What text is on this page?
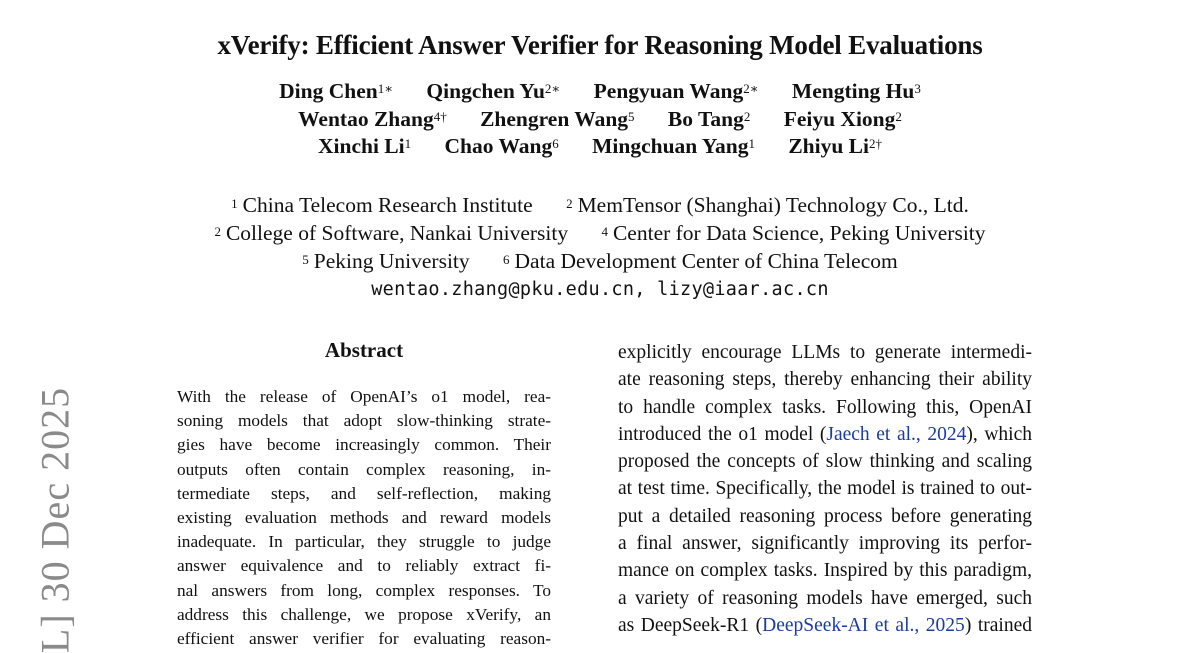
L] 30 Dec 2025
xVerify: Efficient Answer Verifier for Reasoning Model Evaluations
Ding Chen$^{1∗}$ Qingchen $Yu^{2∗}$ Pengyuan Wang$^{2∗}$ Mengting Hu$^3$
Wentao Zhang$^{4\dagger}$ Zhengren Wang$^5$ Bo Tang$^2$ Feiyu Xiong$^2$
Xinchi Li$^1$ Chao Wang$^6$ Mingchuan Yang$^1$ Zhiyu $Li^{2\dagger}$
$^1$ China Telecom Research Institute	$^2$ MemTensor (Shanghai) Technology Co., Ltd.
$^2$ College of Software, Nankai University	$^4$ Center for Data Science, Peking University
$^5$ Peking University	$^6$ Data Development Center of China Telecom
wentao.zhang@pku.edu.cn, lizy@iaar.ac.cn
Abstract
With the release of OpenAI’s o1 model, rea-
soning models that adopt slow-thinking strate-
gies have become increasingly common. Their
outputs often contain complex reasoning, in-
termediate steps, and self-reflection, making
existing evaluation methods and reward models
inadequate. In particular, they struggle to judge
answer equivalence and to reliably extract fi-
nal answers from long, complex responses. To
address this challenge, we propose xVerify, an
efficient answer verifier for evaluating reason-
explicitly encourage LLMs to generate intermedi-
ate reasoning steps, thereby enhancing their ability
to handle complex tasks. Following this, OpenAI
introduced the o1 model (Jaech et al., 2024), which
proposed the concepts of slow thinking and scaling
at test time. Specifically, the model is trained to out-
put a detailed reasoning process before generating
a final answer, significantly improving its perfor-
mance on complex tasks. Inspired by this paradigm,
a variety of reasoning models have emerged, such
as DeepSeek-R1 (DeepSeek-AI et al., 2025) trained
